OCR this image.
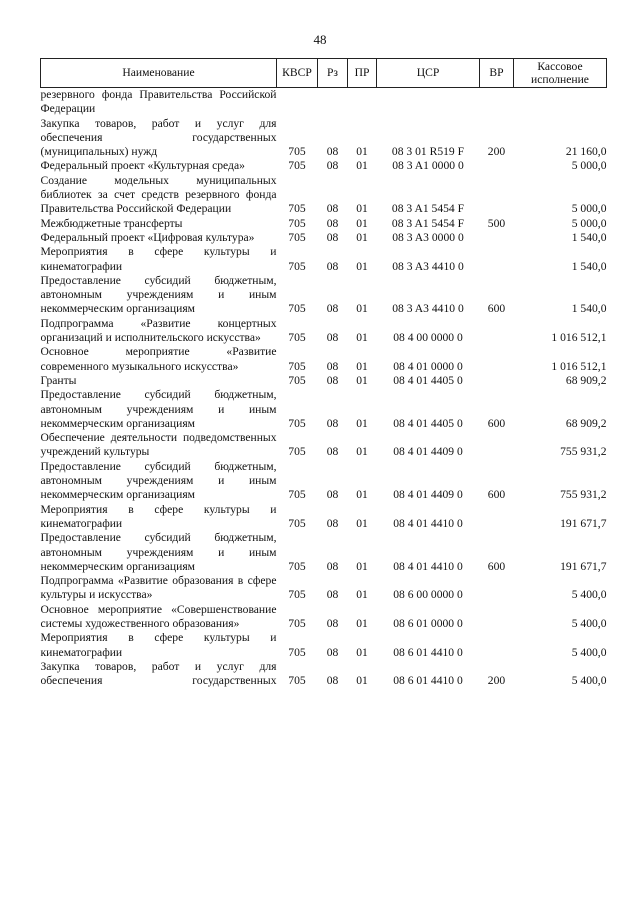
48
Наименование	КВСР	Рз	ПР	ЦСР	ВР	Кассовое исполнение
резервного фонда Правительства Российской Федерации						
Закупка товаров, работ и услуг для обеспечения государственных (муниципальных) нужд	705	08	01	08 3 01 R519 F	200	21 160,0
Федеральный проект «Культурная среда»	705	08	01	08 3 A1 0000 0		5 000,0
Создание модельных муниципальных библиотек за счет средств резервного фонда Правительства Российской Федерации	705	08	01	08 3 A1 5454 F		5 000,0
Межбюджетные трансферты	705	08	01	08 3 A1 5454 F	500	5 000,0
Федеральный проект «Цифровая культура»	705	08	01	08 3 A3 0000 0		1 540,0
Мероприятия в сфере культуры и кинематографии	705	08	01	08 3 A3 4410 0		1 540,0
Предоставление субсидий бюджетным, автономным учреждениям и иным некоммерческим организациям	705	08	01	08 3 A3 4410 0	600	1 540,0
Подпрограмма «Развитие концертных организаций и исполнительского искусства»	705	08	01	08 4 00 0000 0		1 016 512,1
Основное мероприятие «Развитие современного музыкального искусства»	705	08	01	08 4 01 0000 0		1 016 512,1
Гранты	705	08	01	08 4 01 4405 0		68 909,2
Предоставление субсидий бюджетным, автономным учреждениям и иным некоммерческим организациям	705	08	01	08 4 01 4405 0	600	68 909,2
Обеспечение деятельности подведомственных учреждений культуры	705	08	01	08 4 01 4409 0		755 931,2
Предоставление субсидий бюджетным, автономным учреждениям и иным некоммерческим организациям	705	08	01	08 4 01 4409 0	600	755 931,2
Мероприятия в сфере культуры и кинематографии	705	08	01	08 4 01 4410 0		191 671,7
Предоставление субсидий бюджетным, автономным учреждениям и иным некоммерческим организациям	705	08	01	08 4 01 4410 0	600	191 671,7
Подпрограмма «Развитие образования в сфере культуры и искусства»	705	08	01	08 6 00 0000 0		5 400,0
Основное мероприятие «Совершенствование системы художественного образования»	705	08	01	08 6 01 0000 0		5 400,0
Мероприятия в сфере культуры и кинематографии	705	08	01	08 6 01 4410 0		5 400,0
Закупка товаров, работ и услуг для обеспечения государственных	705	08	01	08 6 01 4410 0	200	5 400,0
